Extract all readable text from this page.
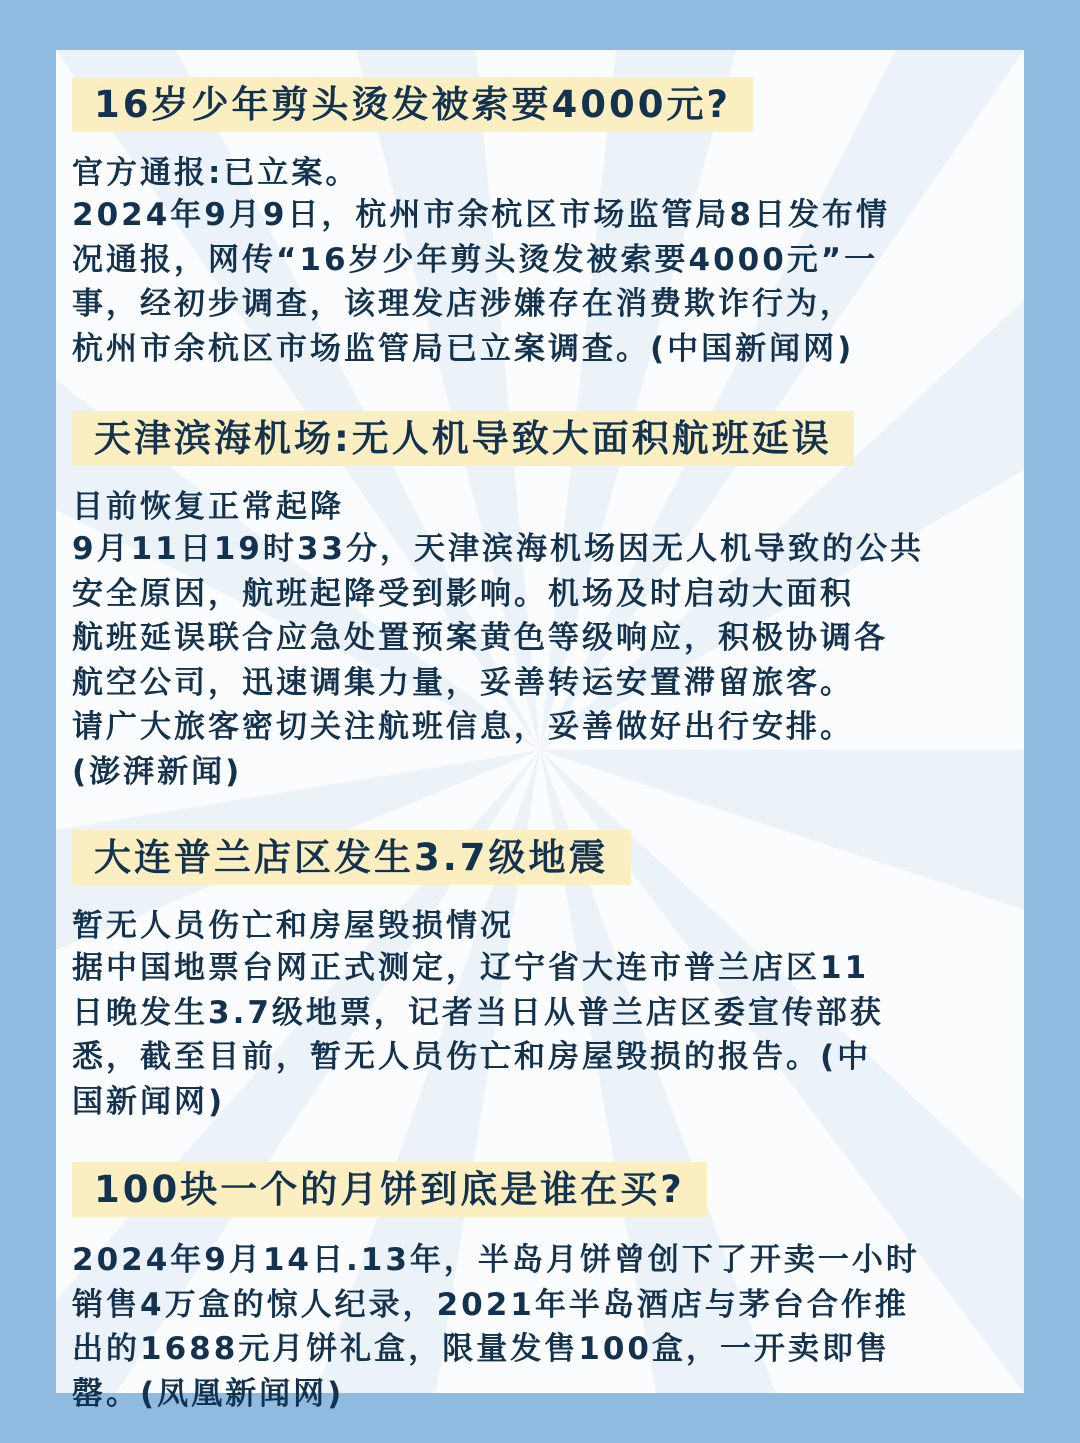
16岁少年剪头烫发被索要4000元?
官方通报:已立案。
2024年9月9日，杭州市余杭区市场监管局8日发布情
况通报，网传“16岁少年剪头烫发被索要4000元”一
事，经初步调查，该理发店涉嫌存在消费欺诈行为，
杭州市余杭区市场监管局已立案调查。(中国新闻网)
天津滨海机场:无人机导致大面积航班延误
目前恢复正常起降
9月11日19时33分，天津滨海机场因无人机导致的公共
安全原因，航班起降受到影响。机场及时启动大面积
航班延误联合应急处置预案黄色等级响应，积极协调各
航空公司，迅速调集力量，妥善转运安置滞留旅客。
请广大旅客密切关注航班信息，妥善做好出行安排。
(澎湃新闻)
大连普兰店区发生3.7级地震
暂无人员伤亡和房屋毁损情况
据中国地票台网正式测定，辽宁省大连市普兰店区11
日晚发生3.7级地票，记者当日从普兰店区委宣传部获
悉，截至目前，暂无人员伤亡和房屋毁损的报告。(中
国新闻网)
100块一个的月饼到底是谁在买?
2024年9月14日.13年，半岛月饼曾创下了开卖一小时
销售4万盒的惊人纪录，2021年半岛酒店与茅台合作推
出的1688元月饼礼盒，限量发售100盒，一开卖即售
罄。(凤凰新闻网)
